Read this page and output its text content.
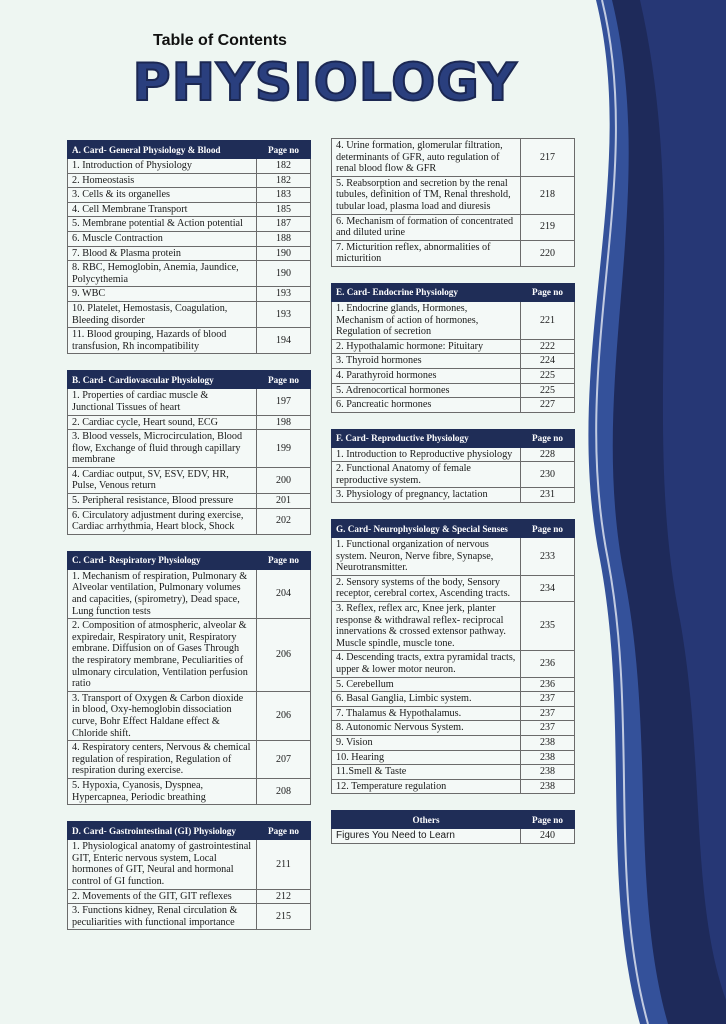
Table of Contents
PHYSIOLOGY
A. Card- General Physiology & Blood	Page no
1. Introduction of Physiology	182
2. Homeostasis	182
3. Cells & its organelles	183
4. Cell Membrane Transport	185
5. Membrane potential & Action potential	187
6. Muscle Contraction	188
7. Blood & Plasma protein	190
8. RBC, Hemoglobin, Anemia, Jaundice, Polycythemia	190
9. WBC	193
10. Platelet, Hemostasis, Coagulation, Bleeding disorder	193
11. Blood grouping, Hazards of blood transfusion, Rh incompatibility	194
B. Card- Cardiovascular Physiology	Page no
1. Properties of cardiac muscle & Junctional Tissues of heart	197
2. Cardiac cycle, Heart sound, ECG	198
3. Blood vessels, Microcirculation, Blood flow, Exchange of fluid through capillary membrane	199
4. Cardiac output, SV, ESV, EDV, HR, Pulse, Venous return	200
5. Peripheral resistance, Blood pressure	201
6. Circulatory adjustment during exercise, Cardiac arrhythmia, Heart block, Shock	202
C. Card- Respiratory Physiology	Page no
1. Mechanism of respiration, Pulmonary & Alveolar ventilation, Pulmonary volumes and capacities, (spirometry), Dead space, Lung function tests	204
2. Composition of atmospheric, alveolar & expiredair, Respiratory unit, Respiratory embrane. Diffusion on of Gases Through the respiratory membrane, Peculiarities of ulmonary circulation, Ventilation perfusion ratio	206
3. Transport of Oxygen & Carbon dioxide in blood, Oxy-hemoglobin dissociation curve, Bohr Effect Haldane effect & Chloride shift.	206
4. Respiratory centers, Nervous & chemical regulation of respiration, Regulation of respiration during exercise.	207
5. Hypoxia, Cyanosis, Dyspnea, Hypercapnea, Periodic breathing	208
D. Card- Gastrointestinal (GI) Physiology	Page no
1. Physiological anatomy of gastrointestinal GIT, Enteric nervous system, Local hormones of GIT, Neural and hormonal control of GI function.	211
2. Movements of the GIT, GIT reflexes	212
3. Functions kidney, Renal circulation & peculiarities with functional importance	215
4. Urine formation, glomerular filtration, determinants of GFR, auto regulation of renal blood flow & GFR	217
5. Reabsorption and secretion by the renal tubules, definition of TM, Renal threshold, tubular load, plasma load and diuresis	218
6. Mechanism of formation of concentrated and diluted urine	219
7. Micturition reflex, abnormalities of micturition	220
E. Card- Endocrine Physiology	Page no
1. Endocrine glands, Hormones, Mechanism of action of hormones, Regulation of secretion	221
2. Hypothalamic hormone: Pituitary	222
3. Thyroid hormones	224
4. Parathyroid hormones	225
5. Adrenocortical hormones	225
6. Pancreatic hormones	227
F. Card- Reproductive Physiology	Page no
1. Introduction to Reproductive physiology	228
2. Functional Anatomy of female reproductive system.	230
3. Physiology of pregnancy, lactation	231
G. Card- Neurophysiology & Special Senses	Page no
1. Functional organization of nervous system. Neuron, Nerve fibre, Synapse, Neurotransmitter.	233
2. Sensory systems of the body, Sensory receptor, cerebral cortex, Ascending tracts.	234
3. Reflex, reflex arc, Knee jerk, planter response & withdrawal reflex- reciprocal innervations & crossed extensor pathway. Muscle spindle, muscle tone.	235
4. Descending tracts, extra pyramidal tracts, upper & lower motor neuron.	236
5. Cerebellum	236
6. Basal Ganglia, Limbic system.	237
7. Thalamus & Hypothalamus.	237
8. Autonomic Nervous System.	237
9. Vision	238
10. Hearing	238
11.Smell & Taste	238
12. Temperature regulation	238
Others	Page no
Figures You Need to Learn	240
